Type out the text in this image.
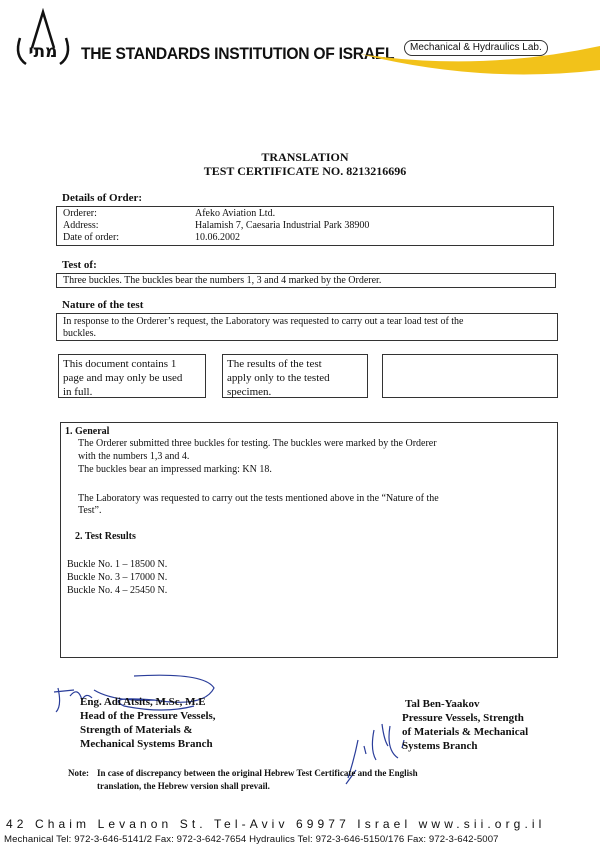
מתי THE STANDARDS INSTITUTION OF ISRAEL	Mechanical & Hydraulics Lab.
TRANSLATION
TEST CERTIFICATE NO. 8213216696
Details of Order:
Orderer:	Afeko Aviation Ltd.
Address:	Halamish 7, Caesaria Industrial Park 38900
Date of order:	10.06.2002
Test of:
Three buckles. The buckles bear the numbers 1, 3 and 4 marked by the Orderer.
Nature of the test
In response to the Orderer’s request, the Laboratory was requested to carry out a tear load test of the
buckles.
This document contains 1
page and may only be used
in full.
The results of the test
apply only to the tested
specimen.
1. General
The Orderer submitted three buckles for testing. The buckles were marked by the Orderer
with the numbers 1,3 and 4.
The buckles bear an impressed marking: KN 18.
The Laboratory was requested to carry out the tests mentioned above in the “Nature of the
Test”.
2. Test Results
Buckle No. 1 – 18500 N.
Buckle No. 3 – 17000 N.
Buckle No. 4 – 25450 N.
Eng. Adi Atsits, M.Sc, M.E
Head of the Pressure Vessels,
Strength of Materials &
Mechanical Systems Branch
Tal Ben-Yaakov
Pressure Vessels, Strength
of Materials & Mechanical
Systems Branch
Note: In case of discrepancy between the original Hebrew Test Certificate and the English
translation, the Hebrew version shall prevail.
42 Chaim Levanon St. Tel-Aviv 69977 Israel www.sii.org.il
Mechanical Tel: 972-3-646-5141/2 Fax: 972-3-642-7654 Hydraulics Tel: 972-3-646-5150/176 Fax: 972-3-642-5007
